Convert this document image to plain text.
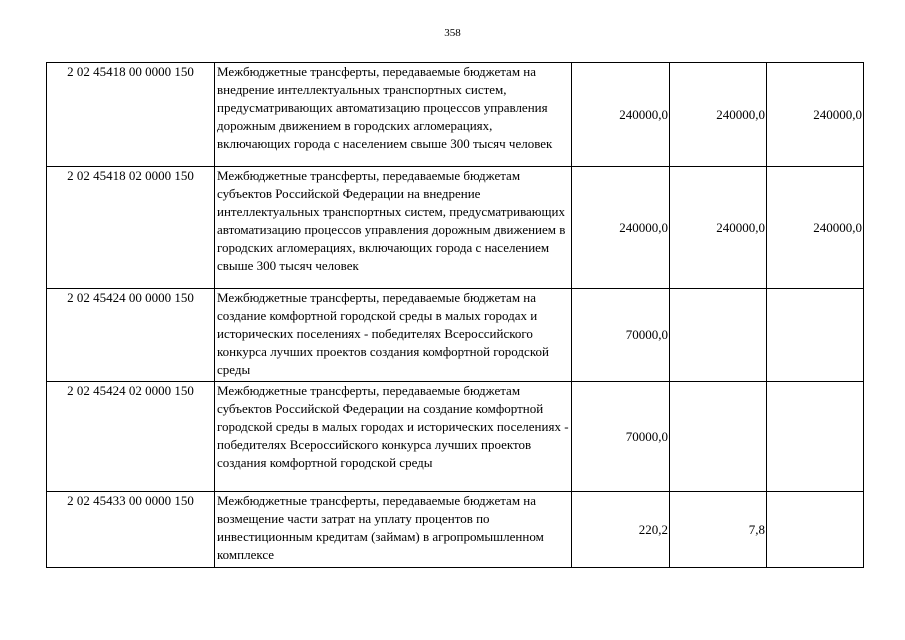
358
2 02 45418 00 0000 150	Межбюджетные трансферты, передаваемые бюджетам на внедрение интеллектуальных транспортных систем, предусматривающих автоматизацию процессов управления дорожным движением в городских агломерациях, включающих города с населением свыше 300 тысяч человек	240000,0	240000,0	240000,0
2 02 45418 02 0000 150	Межбюджетные трансферты, передаваемые бюджетам субъектов Российской Федерации на внедрение интеллектуальных транспортных систем, предусматривающих автоматизацию процессов управления дорожным движением в городских агломерациях, включающих города с населением свыше 300 тысяч человек	240000,0	240000,0	240000,0
2 02 45424 00 0000 150	Межбюджетные трансферты, передаваемые бюджетам на создание комфортной городской среды в малых городах и исторических поселениях - победителях Всероссийского конкурса лучших проектов создания комфортной городской среды	70000,0		
2 02 45424 02 0000 150	Межбюджетные трансферты, передаваемые бюджетам субъектов Российской Федерации на создание комфортной городской среды в малых городах и исторических поселениях - победителях Всероссийского конкурса лучших проектов создания комфортной городской среды	70000,0		
2 02 45433 00 0000 150	Межбюджетные трансферты, передаваемые бюджетам на возмещение части затрат на уплату процентов по инвестиционным кредитам (займам) в агропромышленном комплексе	220,2	7,8	
